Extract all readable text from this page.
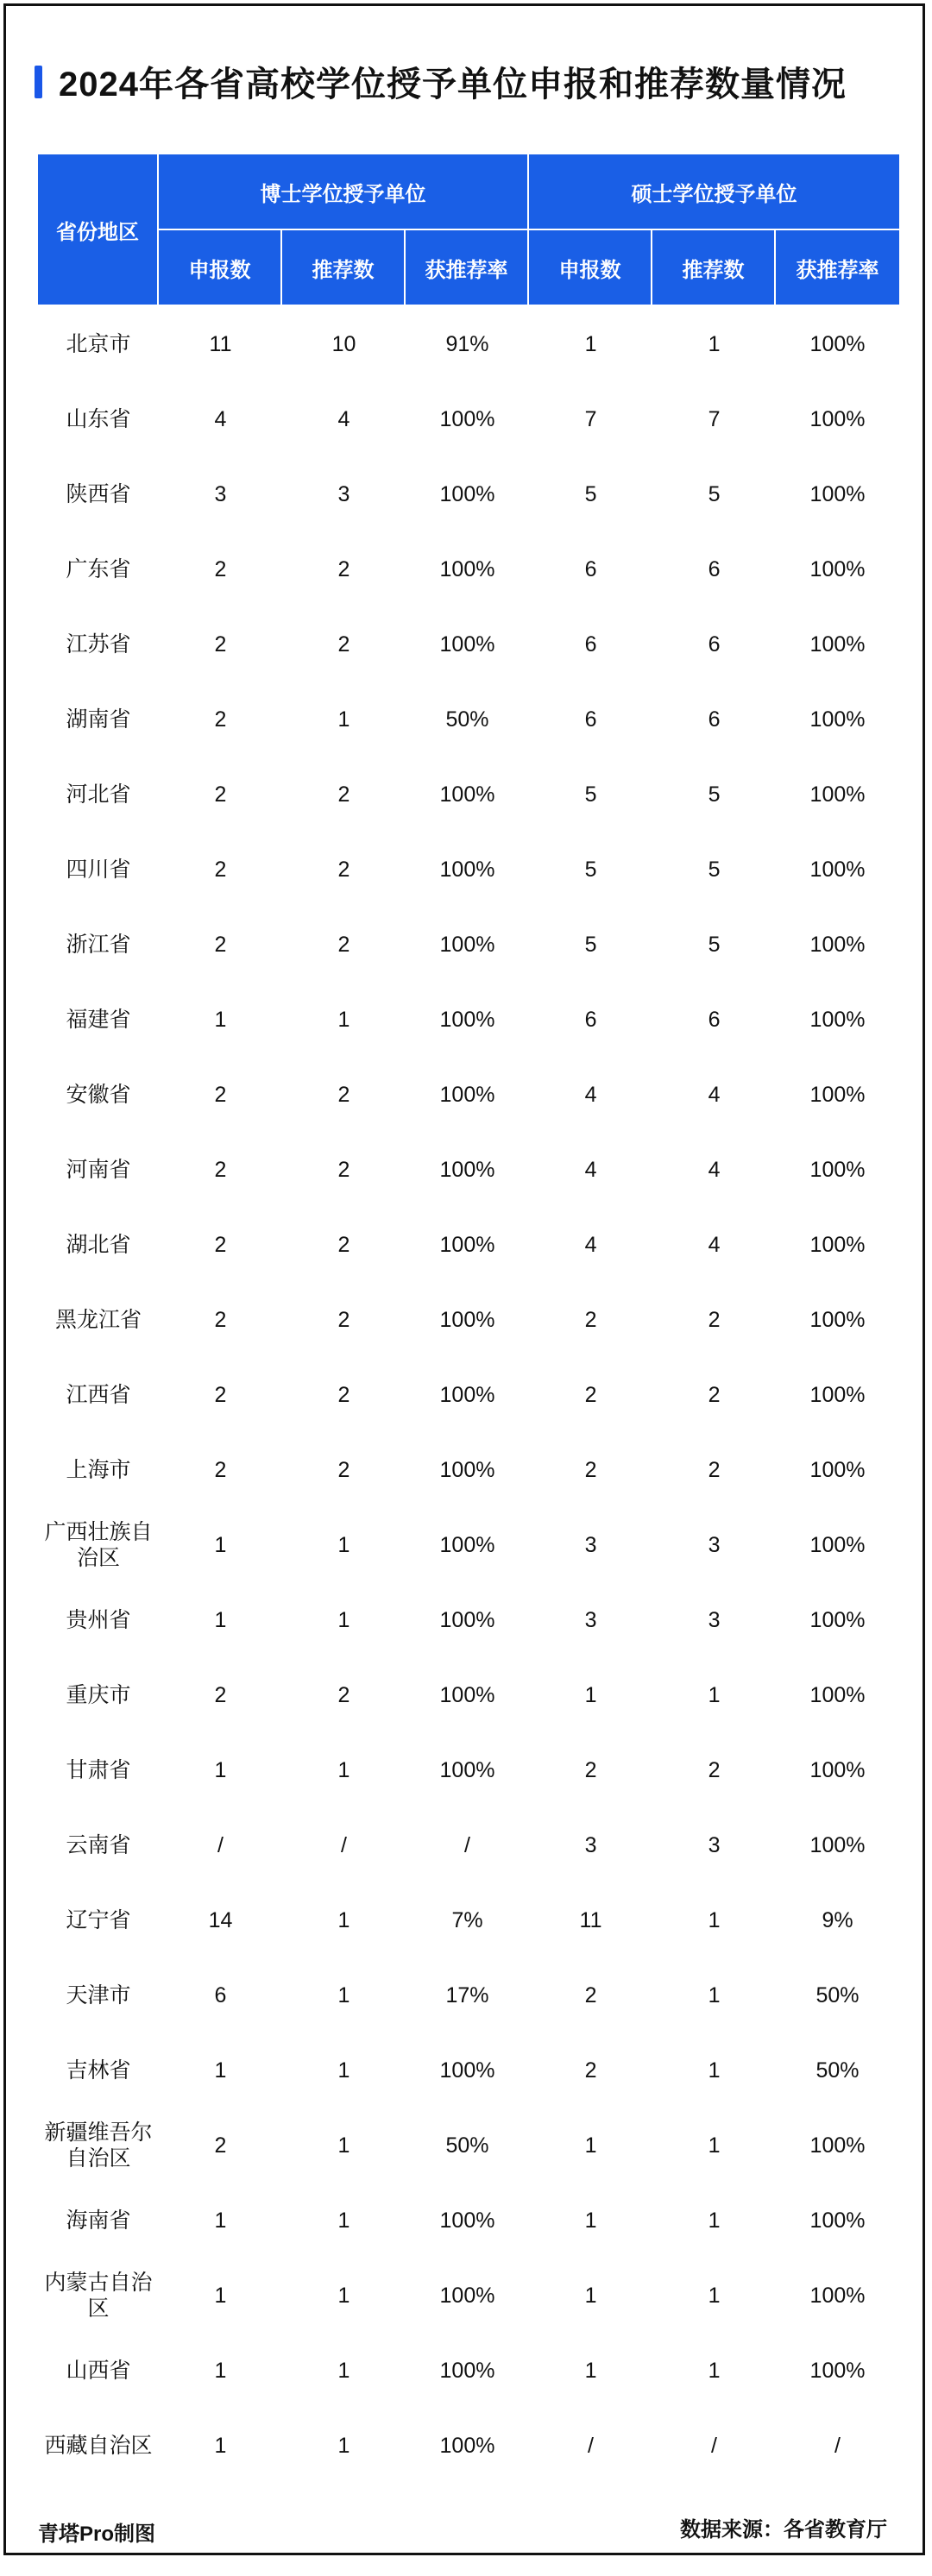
2024年各省高校学位授予单位申报和推荐数量情况
省份地区	博士学位授予单位			硕士学位授予单位		
	申报数	推荐数	获推荐率	申报数	推荐数	获推荐率
北京市	11	10	91%	1	1	100%
山东省	4	4	100%	7	7	100%
陕西省	3	3	100%	5	5	100%
广东省	2	2	100%	6	6	100%
江苏省	2	2	100%	6	6	100%
湖南省	2	1	50%	6	6	100%
河北省	2	2	100%	5	5	100%
四川省	2	2	100%	5	5	100%
浙江省	2	2	100%	5	5	100%
福建省	1	1	100%	6	6	100%
安徽省	2	2	100%	4	4	100%
河南省	2	2	100%	4	4	100%
湖北省	2	2	100%	4	4	100%
黑龙江省	2	2	100%	2	2	100%
江西省	2	2	100%	2	2	100%
上海市	2	2	100%	2	2	100%
广西壮族自治区	1	1	100%	3	3	100%
贵州省	1	1	100%	3	3	100%
重庆市	2	2	100%	1	1	100%
甘肃省	1	1	100%	2	2	100%
云南省	/	/	/	3	3	100%
辽宁省	14	1	7%	11	1	9%
天津市	6	1	17%	2	1	50%
吉林省	1	1	100%	2	1	50%
新疆维吾尔自治区	2	1	50%	1	1	100%
海南省	1	1	100%	1	1	100%
内蒙古自治区	1	1	100%	1	1	100%
山西省	1	1	100%	1	1	100%
西藏自治区	1	1	100%	/	/	/
青塔Pro制图	数据来源：各省教育厅
